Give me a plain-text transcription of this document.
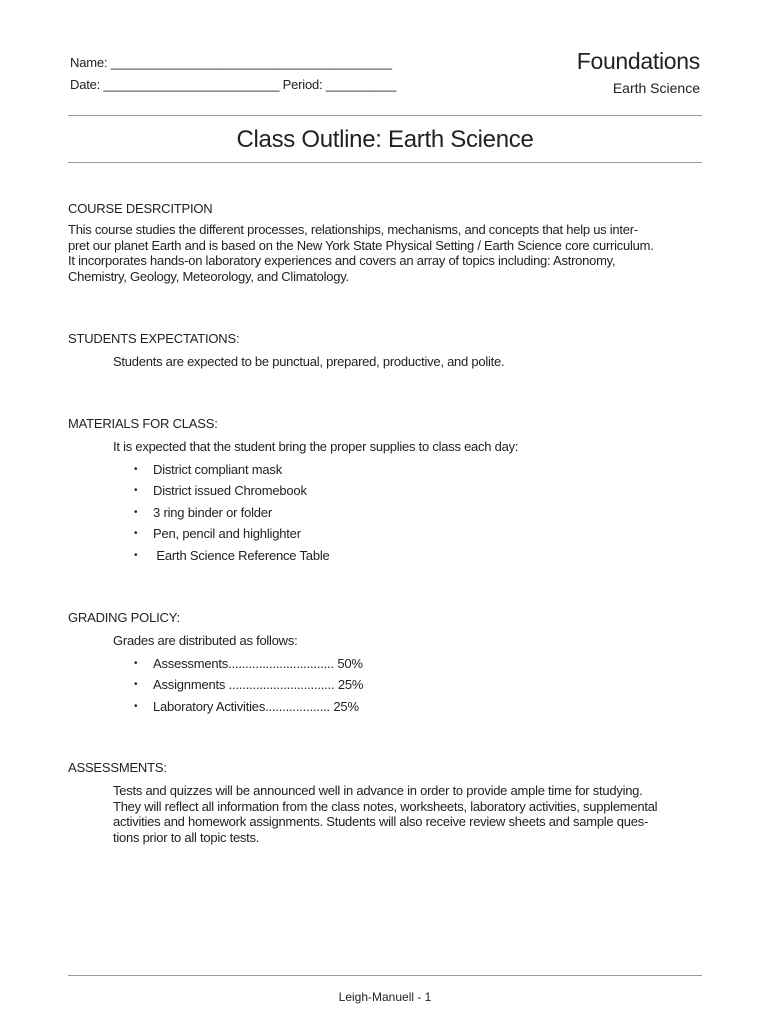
Name: ________________________________________
Date: _________________________ Period: __________
Foundations
Earth Science
Class Outline: Earth Science

COURSE DESRCITPION

This course studies the different processes, relationships, mechanisms, and concepts that help us inter-

pret our planet Earth and is based on the New York State Physical Setting / Earth Science core curriculum.

It incorporates hands-on laboratory experiences and covers an array of topics including: Astronomy,

Chemistry, Geology, Meteorology, and Climatology.

STUDENTS EXPECTATIONS:

Students are expected to be punctual, prepared, productive, and polite.

MATERIALS FOR CLASS:

It is expected that the student bring the proper supplies to class each day:

• District compliant mask
• District issued Chromebook
• 3 ring binder or folder
• Pen, pencil and highlighter
• Earth Science Reference Table

GRADING POLICY:

Grades are distributed as follows:

• Assessments............................... 50%
• Assignments ............................... 25%
• Laboratory Activities................... 25%

ASSESSMENTS:

Tests and quizzes will be announced well in advance in order to provide ample time for studying.

They will reflect all information from the class notes, worksheets, laboratory activities, supplemental

activities and homework assignments. Students will also receive review sheets and sample ques-

tions prior to all topic tests.

Leigh-Manuell - 1
